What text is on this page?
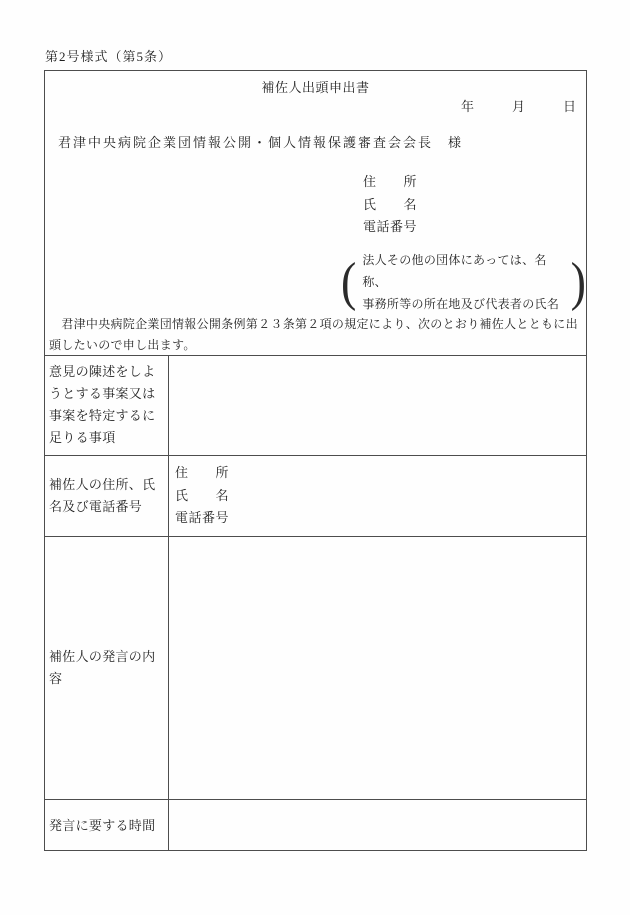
第2号様式（第5条）
補佐人出頭申出書
年	月	日
君津中央病院企業団情報公開・個人情報保護審査会会長　様
住　　所
氏　　名
電話番号
( 法人その他の団体にあっては、名称、
事務所等の所在地及び代表者の氏名 )
　君津中央病院企業団情報公開条例第２３条第２項の規定により、次のとおり補佐人とともに出頭したいので申し出ます。
意見の陳述をしようとする事案又は事案を特定するに足りる事項
補佐人の住所、氏名及び電話番号
住　　所
氏　　名
電話番号
補佐人の発言の内容
発言に要する時間
